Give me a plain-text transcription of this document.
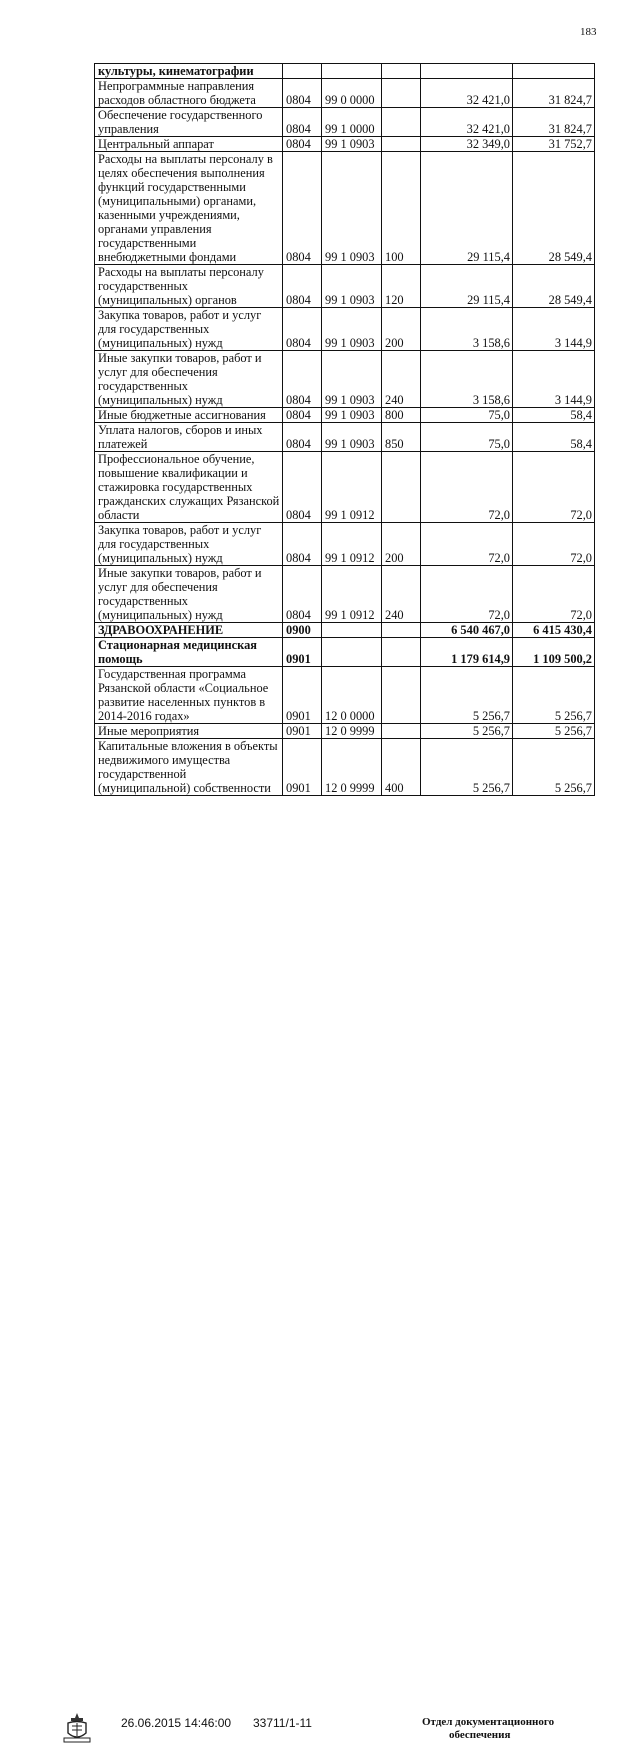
183
культуры, кинематографии					
Непрограммные направления расходов областного бюджета	0804	99 0 0000		32 421,0	31 824,7
Обеспечение государственного управления	0804	99 1 0000		32 421,0	31 824,7
Центральный аппарат	0804	99 1 0903		32 349,0	31 752,7
Расходы на выплаты персоналу в целях обеспечения выполнения функций государственными (муниципальными) органами, казенными учреждениями, органами управления государственными внебюджетными фондами	0804	99 1 0903	100	29 115,4	28 549,4
Расходы на выплаты персоналу государственных (муниципальных) органов	0804	99 1 0903	120	29 115,4	28 549,4
Закупка товаров, работ и услуг для государственных (муниципальных) нужд	0804	99 1 0903	200	3 158,6	3 144,9
Иные закупки товаров, работ и услуг для обеспечения государственных (муниципальных) нужд	0804	99 1 0903	240	3 158,6	3 144,9
Иные бюджетные ассигнования	0804	99 1 0903	800	75,0	58,4
Уплата налогов, сборов и иных платежей	0804	99 1 0903	850	75,0	58,4
Профессиональное обучение, повышение квалификации и стажировка государственных гражданских служащих Рязанской области	0804	99 1 0912		72,0	72,0
Закупка товаров, работ и услуг для государственных (муниципальных) нужд	0804	99 1 0912	200	72,0	72,0
Иные закупки товаров, работ и услуг для обеспечения государственных (муниципальных) нужд	0804	99 1 0912	240	72,0	72,0
ЗДРАВООХРАНЕНИЕ	0900			6 540 467,0	6 415 430,4
Стационарная медицинская помощь	0901			1 179 614,9	1 109 500,2
Государственная программа Рязанской области «Социальное развитие населенных пунктов в 2014-2016 годах»	0901	12 0 0000		5 256,7	5 256,7
Иные мероприятия	0901	12 0 9999		5 256,7	5 256,7
Капитальные вложения в объекты недвижимого имущества государственной (муниципальной) собственности	0901	12 0 9999	400	5 256,7	5 256,7
26.06.2015 14:46:00 33711/1-11	Отдел документационного
обеспечения
